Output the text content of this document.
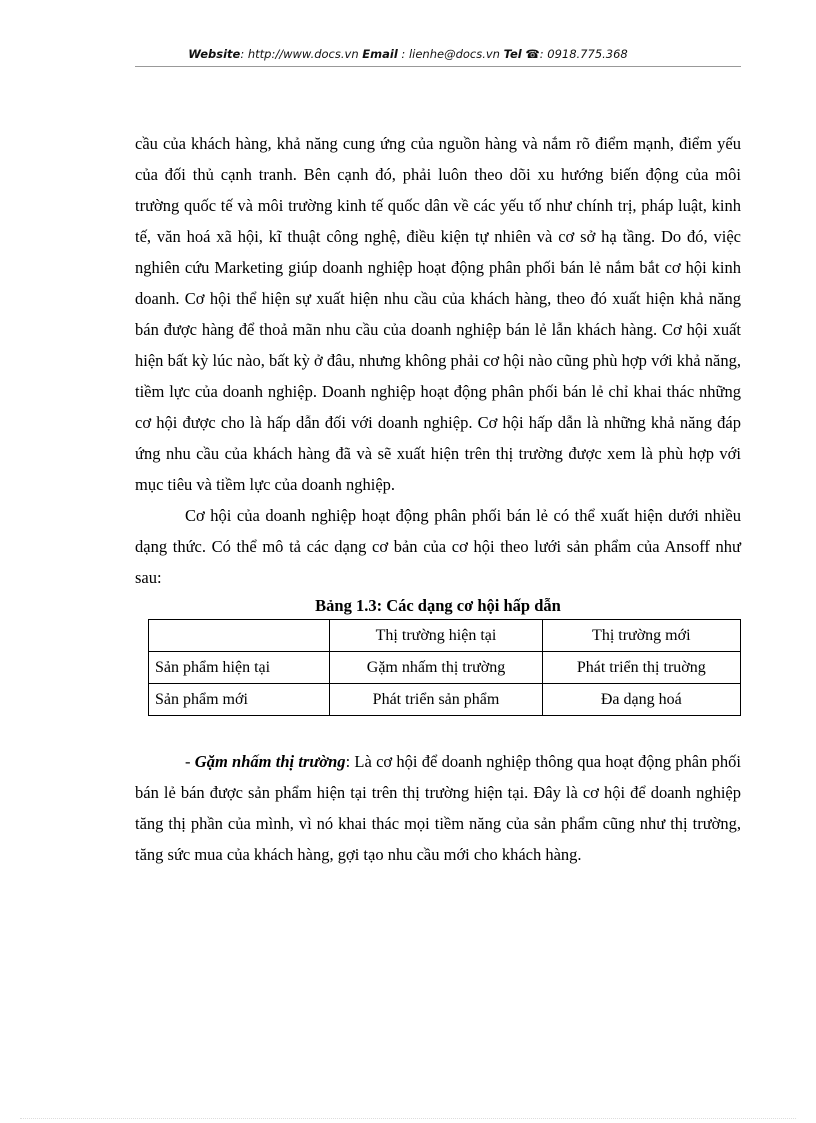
Website: http://www.docs.vn Email : lienhe@docs.vn Tel ☎: 0918.775.368

cầu của khách hàng, khả năng cung ứng của nguồn hàng và nắm rõ điểm mạnh, điểm yếu của đối thủ cạnh tranh. Bên cạnh đó, phải luôn theo dõi xu hướng biến động của môi trường quốc tế và môi trường kinh tế quốc dân về các yếu tố như chính trị, pháp luật, kinh tế, văn hoá xã hội, kĩ thuật công nghệ, điều kiện tự nhiên và cơ sở hạ tầng. Do đó, việc nghiên cứu Marketing giúp doanh nghiệp hoạt động phân phối bán lẻ nắm bắt cơ hội kinh doanh. Cơ hội thể hiện sự xuất hiện nhu cầu của khách hàng, theo đó xuất hiện khả năng bán được hàng để thoả mãn nhu cầu của doanh nghiệp bán lẻ lẫn khách hàng. Cơ hội xuất hiện bất kỳ lúc nào, bất kỳ ở đâu, nhưng không phải cơ hội nào cũng phù hợp với khả năng, tiềm lực của doanh nghiệp. Doanh nghiệp hoạt động phân phối bán lẻ chỉ khai thác những cơ hội được cho là hấp dẫn đối với doanh nghiệp. Cơ hội hấp dẫn là những khả năng đáp ứng nhu cầu của khách hàng đã và sẽ xuất hiện trên thị trường được xem là phù hợp với mục tiêu và tiềm lực của doanh nghiệp.

Cơ hội của doanh nghiệp hoạt động phân phối bán lẻ có thể xuất hiện dưới nhiều dạng thức. Có thể mô tả các dạng cơ bản của cơ hội theo lưới sản phẩm của Ansoff như sau:

Bảng 1.3: Các dạng cơ hội hấp dẫn
	Thị trường hiện tại	Thị trường mới
Sản phẩm hiện tại	Gặm nhấm thị trường	Phát triển thị truờng
Sản phẩm mới	Phát triển sản phẩm	Đa dạng hoá

- Gặm nhấm thị trường: Là cơ hội để doanh nghiệp thông qua hoạt động phân phối bán lẻ bán được sản phẩm hiện tại trên thị trường hiện tại. Đây là cơ hội để doanh nghiệp tăng thị phần của mình, vì nó khai thác mọi tiềm năng của sản phẩm cũng như thị trường, tăng sức mua của khách hàng, gợi tạo nhu cầu mới cho khách hàng.
